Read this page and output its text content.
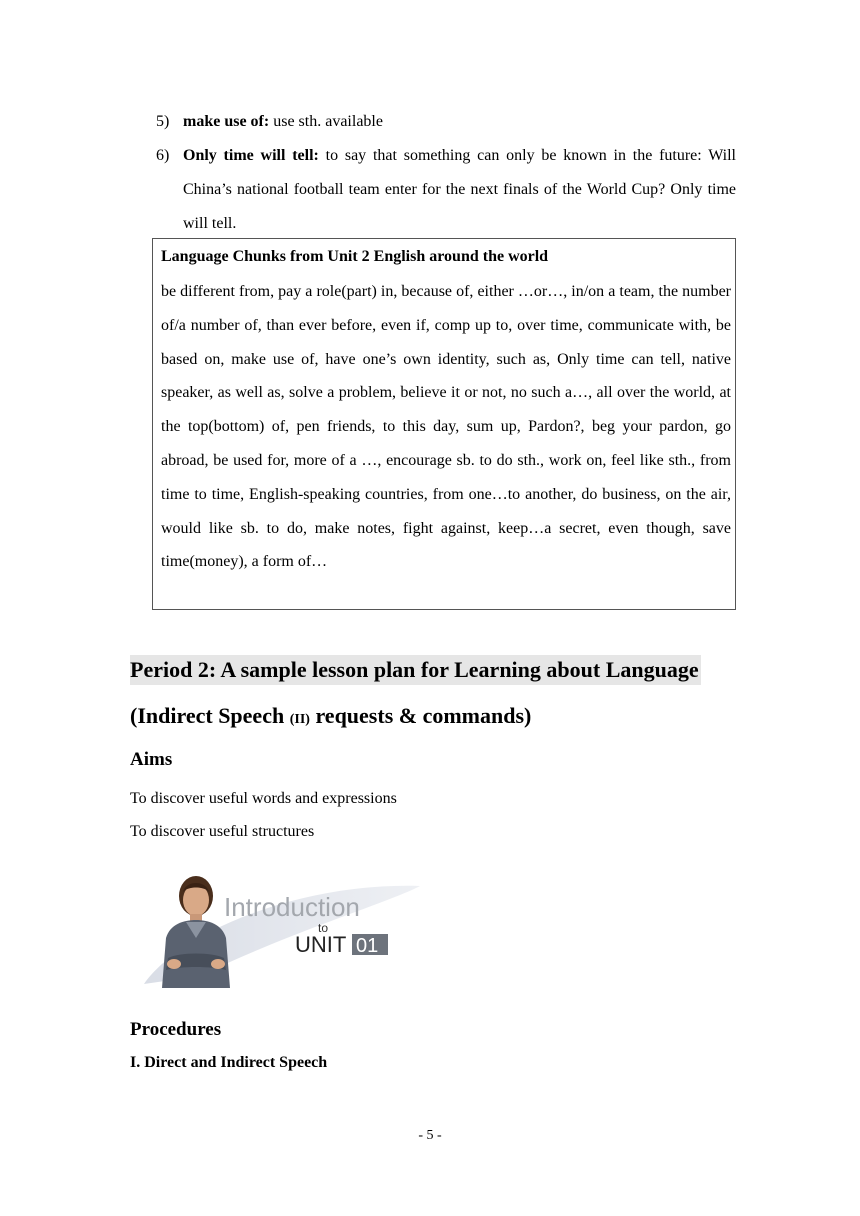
5) make use of: use sth. available
6) Only time will tell: to say that something can only be known in the future: Will China’s national football team enter for the next finals of the World Cup? Only time will tell.
Language Chunks from Unit 2 English around the world
be different from, pay a role(part) in, because of, either …or…, in/on a team, the number of/a number of, than ever before, even if, comp up to, over time, communicate with, be based on, make use of, have one’s own identity, such as, Only time can tell, native speaker, as well as, solve a problem, believe it or not, no such a…, all over the world, at the top(bottom) of, pen friends, to this day, sum up, Pardon?, beg your pardon, go abroad, be used for, more of a …, encourage sb. to do sth., work on, feel like sth., from time to time, English-speaking countries, from one…to another, do business, on the air, would like sb. to do, make notes, fight against, keep…a secret, even though, save time(money), a form of…
Period 2: A sample lesson plan for Learning about Language
(Indirect Speech (II) requests & commands)
Aims
To discover useful words and expressions
To discover useful structures
Introduction
to
UNIT 01
Procedures
I. Direct and Indirect Speech
- 5 -
